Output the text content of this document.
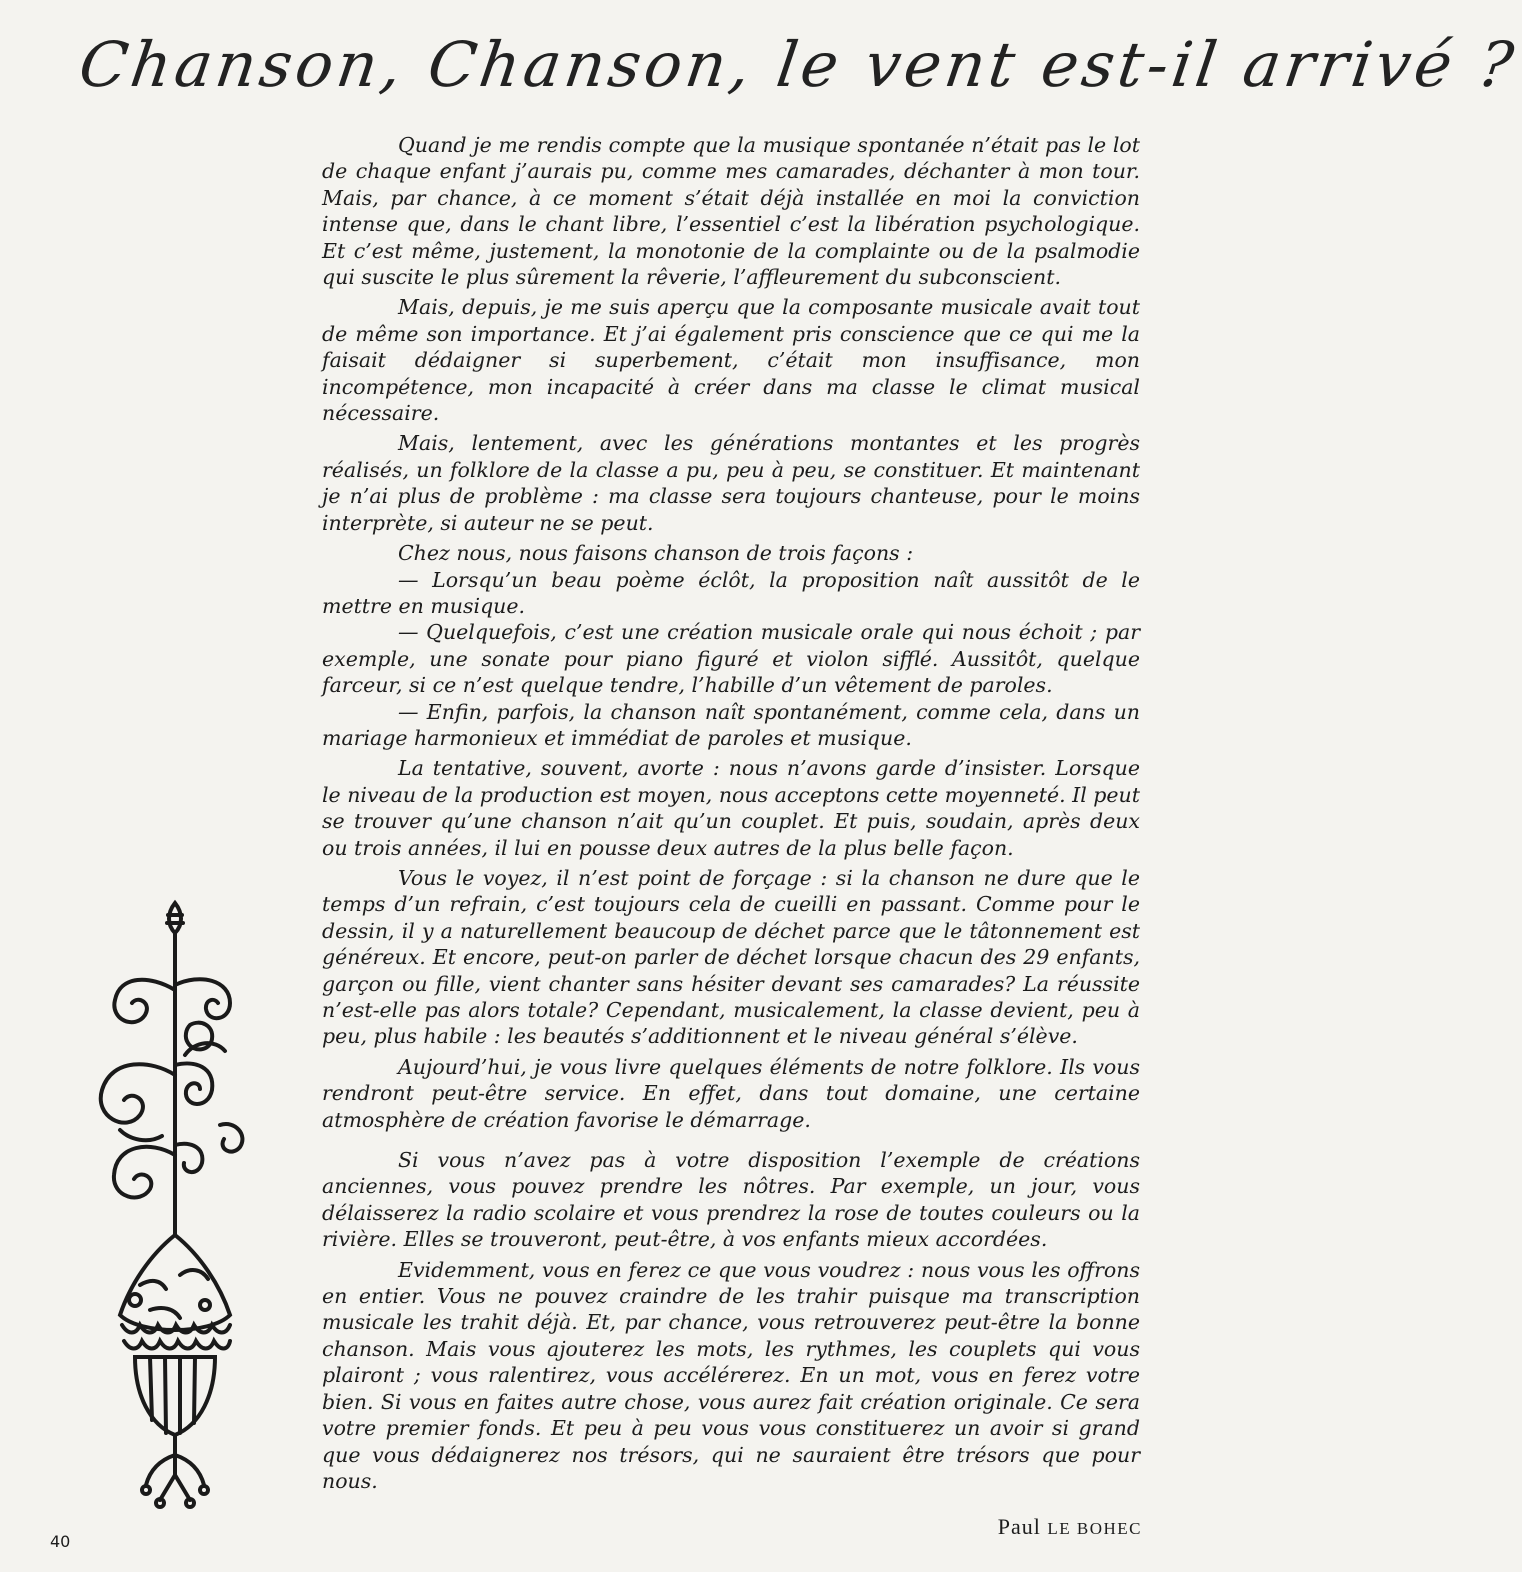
Chanson, Chanson, le vent est-il arrivé ?

Quand je me rendis compte que la musique spontanée n’était pas le lot de chaque enfant j’aurais pu, comme mes camarades, déchanter à mon tour. Mais, par chance, à ce moment s’était déjà installée en moi la conviction intense que, dans le chant libre, l’essentiel c’est la libération psychologique. Et c’est même, justement, la monotonie de la complainte ou de la psalmodie qui suscite le plus sûrement la rêverie, l’affleurement du subconscient.

Mais, depuis, je me suis aperçu que la composante musicale avait tout de même son importance. Et j’ai également pris conscience que ce qui me la faisait dédaigner si superbement, c’était mon insuffisance, mon incompétence, mon incapacité à créer dans ma classe le climat musical nécessaire.

Mais, lentement, avec les générations montantes et les progrès réalisés, un folklore de la classe a pu, peu à peu, se constituer. Et maintenant je n’ai plus de problème : ma classe sera toujours chanteuse, pour le moins interprète, si auteur ne se peut.

Chez nous, nous faisons chanson de trois façons :

— Lorsqu’un beau poème éclôt, la proposition naît aussitôt de le mettre en musique.

— Quelquefois, c’est une création musicale orale qui nous échoit ; par exemple, une sonate pour piano figuré et violon sifflé. Aussitôt, quelque farceur, si ce n’est quelque tendre, l’habille d’un vêtement de paroles.

— Enfin, parfois, la chanson naît spontanément, comme cela, dans un mariage harmonieux et immédiat de paroles et musique.

La tentative, souvent, avorte : nous n’avons garde d’insister. Lorsque le niveau de la production est moyen, nous acceptons cette moyenneté. Il peut se trouver qu’une chanson n’ait qu’un couplet. Et puis, soudain, après deux ou trois années, il lui en pousse deux autres de la plus belle façon.

Vous le voyez, il n’est point de forçage : si la chanson ne dure que le temps d’un refrain, c’est toujours cela de cueilli en passant. Comme pour le dessin, il y a naturellement beaucoup de déchet parce que le tâtonnement est généreux. Et encore, peut-on parler de déchet lorsque chacun des 29 enfants, garçon ou fille, vient chanter sans hésiter devant ses camarades? La réussite n’est-elle pas alors totale? Cependant, musicalement, la classe devient, peu à peu, plus habile : les beautés s’additionnent et le niveau général s’élève.

Aujourd’hui, je vous livre quelques éléments de notre folklore. Ils vous rendront peut-être service. En effet, dans tout domaine, une certaine atmosphère de création favorise le démarrage.

Si vous n’avez pas à votre disposition l’exemple de créations anciennes, vous pouvez prendre les nôtres. Par exemple, un jour, vous délaisserez la radio scolaire et vous prendrez la rose de toutes couleurs ou la rivière. Elles se trouveront, peut-être, à vos enfants mieux accordées.

Evidemment, vous en ferez ce que vous voudrez : nous vous les offrons en entier. Vous ne pouvez craindre de les trahir puisque ma transcription musicale les trahit déjà. Et, par chance, vous retrouverez peut-être la bonne chanson. Mais vous ajouterez les mots, les rythmes, les couplets qui vous plairont ; vous ralentirez, vous accélérerez. En un mot, vous en ferez votre bien. Si vous en faites autre chose, vous aurez fait création originale. Ce sera votre premier fonds. Et peu à peu vous vous constituerez un avoir si grand que vous dédaignerez nos trésors, qui ne sauraient être trésors que pour nous.

Paul LE BOHEC
40
